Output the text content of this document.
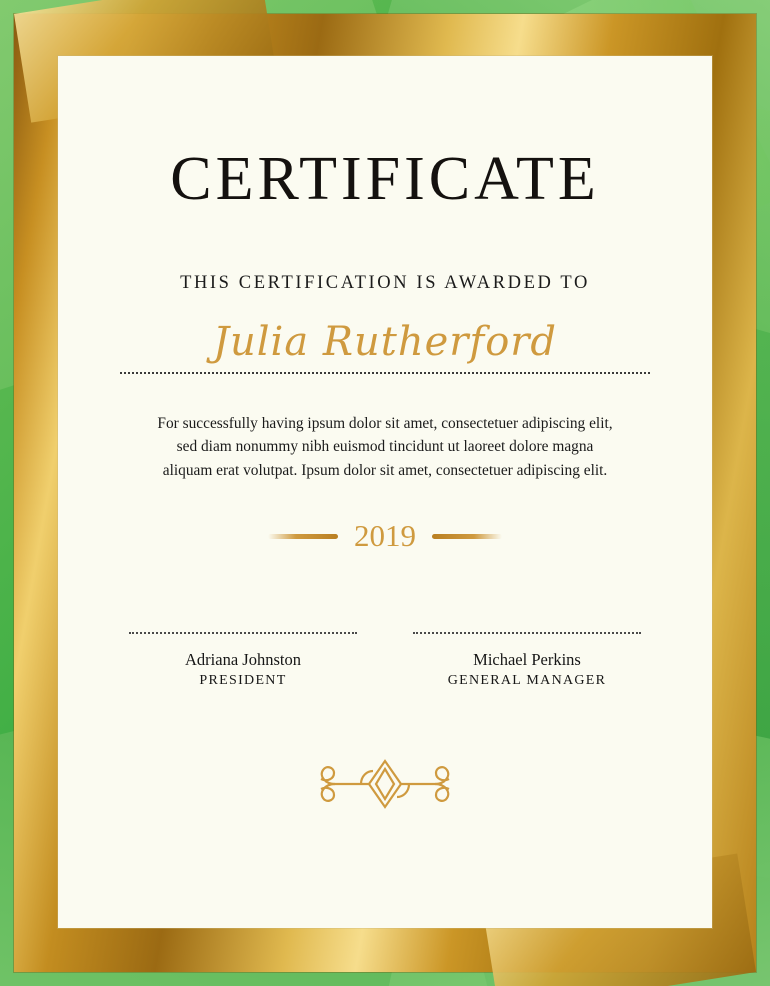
CERTIFICATE
THIS CERTIFICATION IS AWARDED TO
Julia Rutherford
For successfully having ipsum dolor sit amet, consectetuer adipiscing elit, sed diam nonummy nibh euismod tincidunt ut laoreet dolore magna aliquam erat volutpat. Ipsum dolor sit amet, consectetuer adipiscing elit.
2019
Adriana Johnston
PRESIDENT
Michael Perkins
GENERAL MANAGER
